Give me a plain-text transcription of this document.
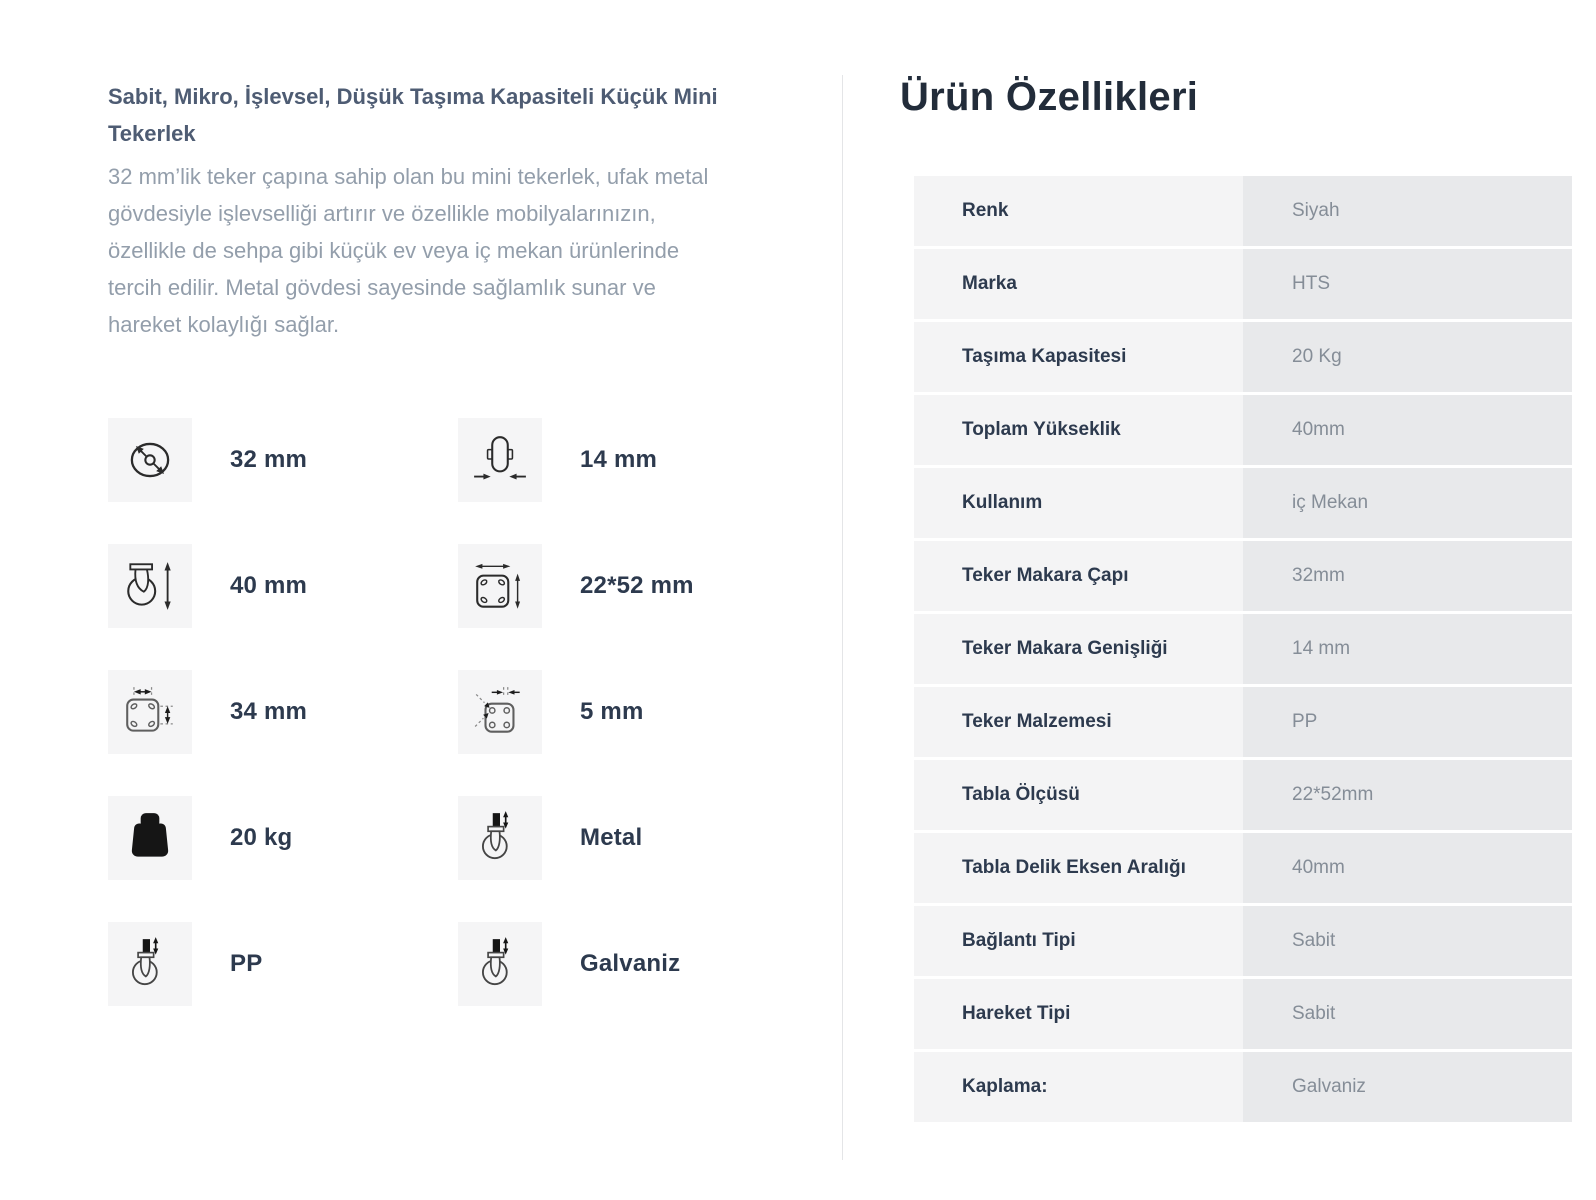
Sabit, Mikro, İşlevsel, Düşük Taşıma Kapasiteli Küçük Mini Tekerlek

32 mm’lik teker çapına sahip olan bu mini tekerlek, ufak metal gövdesiyle işlevselliği artırır ve özellikle mobilyalarınızın, özellikle de sehpa gibi küçük ev veya iç mekan ürünlerinde tercih edilir. Metal gövdesi sayesinde sağlamlık sunar ve hareket kolaylığı sağlar.

32 mm	14 mm
40 mm	22*52 mm
34 mm	5 mm
20 kg	Metal
PP	Galvaniz
Ürün Özellikleri
Renk	Siyah
Marka	HTS
Taşıma Kapasitesi	20 Kg
Toplam Yükseklik	40mm
Kullanım	iç Mekan
Teker Makara Çapı	32mm
Teker Makara Genişliği	14 mm
Teker Malzemesi	PP
Tabla Ölçüsü	22*52mm
Tabla Delik Eksen Aralığı	40mm
Bağlantı Tipi	Sabit
Hareket Tipi	Sabit
Kaplama:	Galvaniz
